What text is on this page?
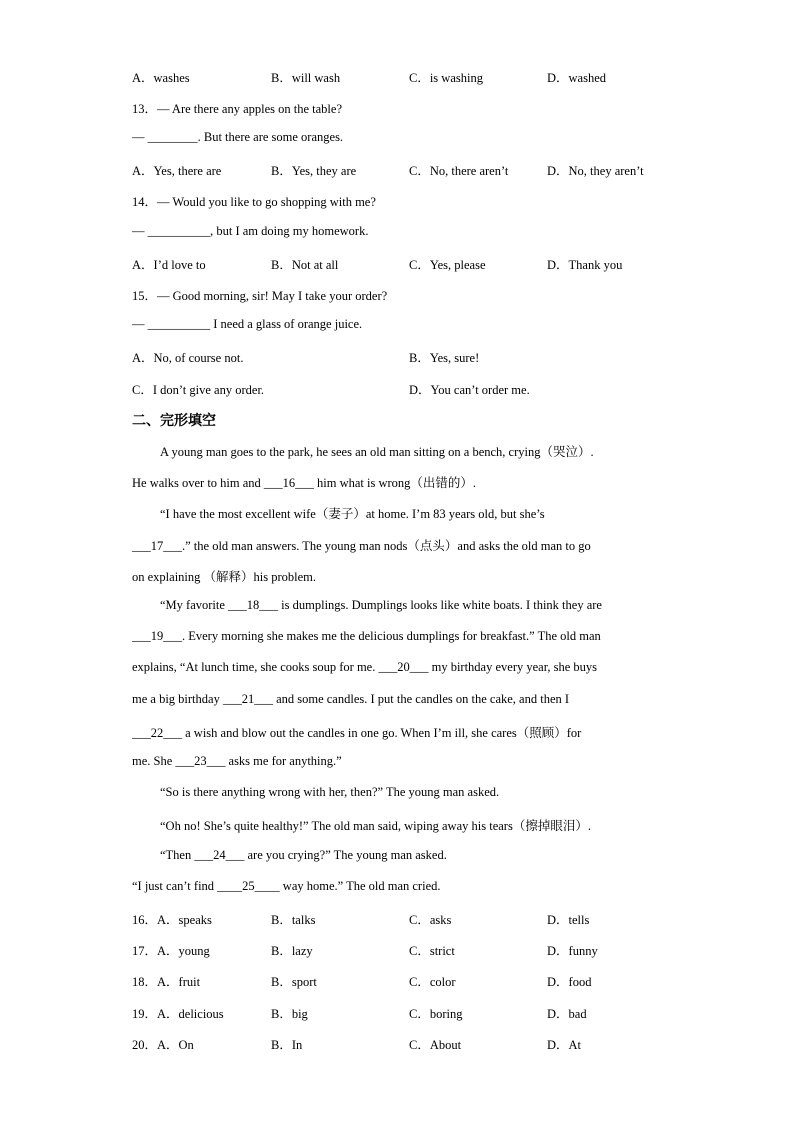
A．washes	B．will wash	C．is washing	D．washed
13．— Are there any apples on the table?
— ________. But there are some oranges.
A．Yes, there are	B．Yes, they are	C．No, there aren’t	D．No, they aren’t
14．— Would you like to go shopping with me?
— __________, but I am doing my homework.
A．I’d love to	B．Not at all	C．Yes, please	D．Thank you
15．— Good morning, sir! May I take your order?
— __________ I need a glass of orange juice.
A．No, of course not.	B．Yes, sure!
C．I don’t give any order.	D．You can’t order me.
二、完形填空
A young man goes to the park, he sees an old man sitting on a bench, crying（哭泣）.
He walks over to him and ___16___ him what is wrong（出错的）.
“I have the most excellent wife（妻子）at home. I’m 83 years old, but she’s
___17___.” the old man answers. The young man nods（点头）and asks the old man to go
on explaining （解释）his problem.
“My favorite ___18___ is dumplings. Dumplings looks like white boats. I think they are
___19___. Every morning she makes me the delicious dumplings for breakfast.” The old man
explains, “At lunch time, she cooks soup for me. ___20___ my birthday every year, she buys
me a big birthday ___21___ and some candles. I put the candles on the cake, and then I
___22___ a wish and blow out the candles in one go. When I’m ill, she cares（照顾）for
me. She ___23___ asks me for anything.”
“So is there anything wrong with her, then?” The young man asked.
“Oh no! She’s quite healthy!” The old man said, wiping away his tears（擦掉眼泪）.
“Then ___24___ are you crying?” The young man asked.
“I just can’t find ____25____ way home.” The old man cried.
16．A．speaks	B．talks	C．asks	D．tells
17．A．young	B．lazy	C．strict	D．funny
18．A．fruit	B．sport	C．color	D．food
19．A．delicious	B．big	C．boring	D．bad
20．A．On	B．In	C．About	D．At
